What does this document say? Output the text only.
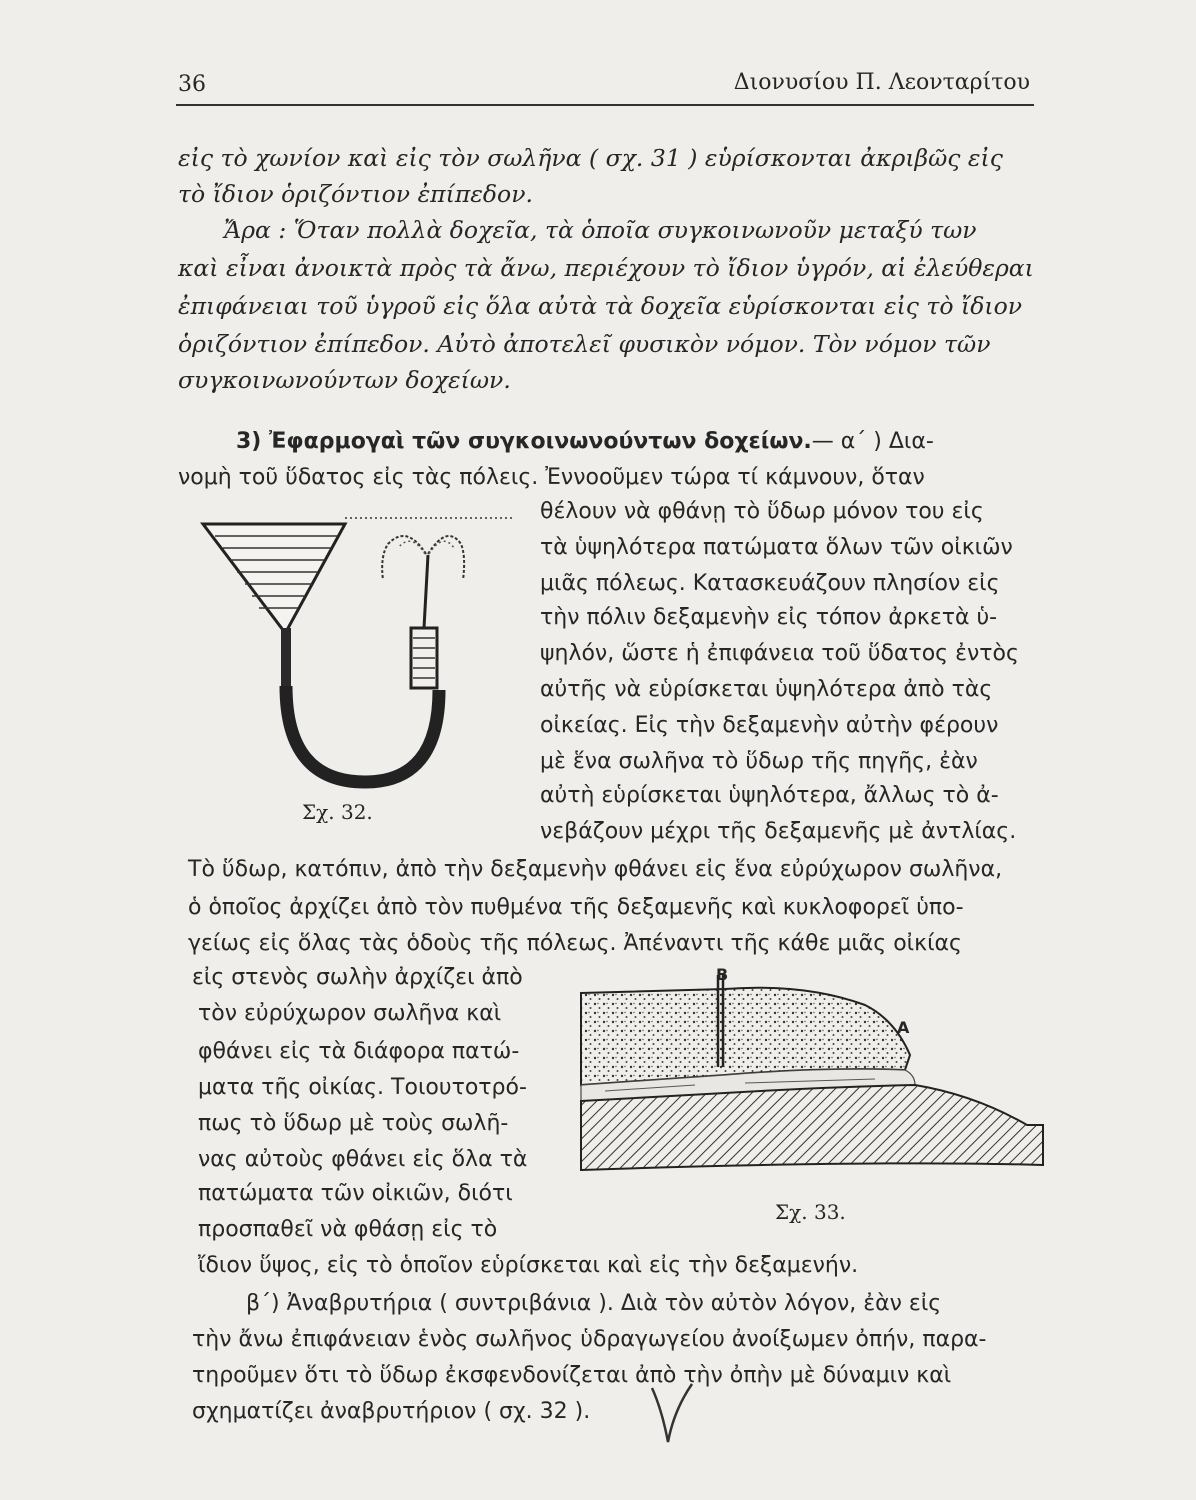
36	Διονυσίου Π. Λεονταρίτου
εἰς τὸ χωνίον καὶ εἰς τὸν σωλῆνα ( σχ. 31 ) εὑρίσκονται ἀκριβῶς εἰς
τὸ ἴδιον ὁριζόντιον ἐπίπεδον.
Ἄρα : Ὅταν πολλὰ δοχεῖα, τὰ ὁποῖα συγκοινωνοῦν μεταξύ των
καὶ εἶναι ἀνοικτὰ πρὸς τὰ ἄνω, περιέχουν τὸ ἴδιον ὑγρόν, αἱ ἐλεύθεραι
ἐπιφάνειαι τοῦ ὑγροῦ εἰς ὅλα αὐτὰ τὰ δοχεῖα εὑρίσκονται εἰς τὸ ἴδιον
ὁριζόντιον ἐπίπεδον. Αὐτὸ ἀποτελεῖ φυσικὸν νόμον. Τὸν νόμον τῶν
συγκοινωνούντων δοχείων.
3) Ἐφαρμογαὶ τῶν συγκοινωνούντων δοχείων.— α΄ ) Δια-
νομὴ τοῦ ὕδατος εἰς τὰς πόλεις. Ἐννοοῦμεν τώρα τί κάμνουν, ὅταν
θέλουν νὰ φθάνῃ τὸ ὕδωρ μόνον του εἰς
τὰ ὑψηλότερα πατώματα ὅλων τῶν οἰκιῶν
μιᾶς πόλεως. Κατασκευάζουν πλησίον εἰς
τὴν πόλιν δεξαμενὴν εἰς τόπον ἀρκετὰ ὑ-
ψηλόν, ὥστε ἡ ἐπιφάνεια τοῦ ὕδατος ἐντὸς
αὐτῆς νὰ εὑρίσκεται ὑψηλότερα ἀπὸ τὰς
οἰκείας. Εἰς τὴν δεξαμενὴν αὐτὴν φέρουν
μὲ ἕνα σωλῆνα τὸ ὕδωρ τῆς πηγῆς, ἐὰν
αὐτὴ εὑρίσκεται ὑψηλότερα, ἄλλως τὸ ἀ-
νεβάζουν μέχρι τῆς δεξαμενῆς μὲ ἀντλίας.
Σχ. 32.
Τὸ ὕδωρ, κατόπιν, ἀπὸ τὴν δεξαμενὴν φθάνει εἰς ἕνα εὐρύχωρον σωλῆνα,
ὁ ὁποῖος ἀρχίζει ἀπὸ τὸν πυθμένα τῆς δεξαμενῆς καὶ κυκλοφορεῖ ὑπο-
γείως εἰς ὅλας τὰς ὁδοὺς τῆς πόλεως. Ἀπέναντι τῆς κάθε μιᾶς οἰκίας
εἰς στενὸς σωλὴν ἀρχίζει ἀπὸ
τὸν εὐρύχωρον σωλῆνα καὶ
φθάνει εἰς τὰ διάφορα πατώ-
ματα τῆς οἰκίας. Τοιουτοτρό-
πως τὸ ὕδωρ μὲ τοὺς σωλῆ-
νας αὐτοὺς φθάνει εἰς ὅλα τὰ
πατώματα τῶν οἰκιῶν, διότι
προσπαθεῖ νὰ φθάσῃ εἰς τὸ
ἴδιον ὕψος, εἰς τὸ ὁποῖον εὑρίσκεται καὶ εἰς τὴν δεξαμενήν.
B
A
Σχ. 33.
β΄) Ἀναβρυτήρια ( συντριβάνια ). Διὰ τὸν αὐτὸν λόγον, ἐὰν εἰς
τὴν ἄνω ἐπιφάνειαν ἑνὸς σωλῆνος ὑδραγωγείου ἀνοίξωμεν ὀπήν, παρα-
τηροῦμεν ὅτι τὸ ὕδωρ ἐκσφενδονίζεται ἀπὸ τὴν ὀπὴν μὲ δύναμιν καὶ
σχηματίζει ἀναβρυτήριον ( σχ. 32 ).
